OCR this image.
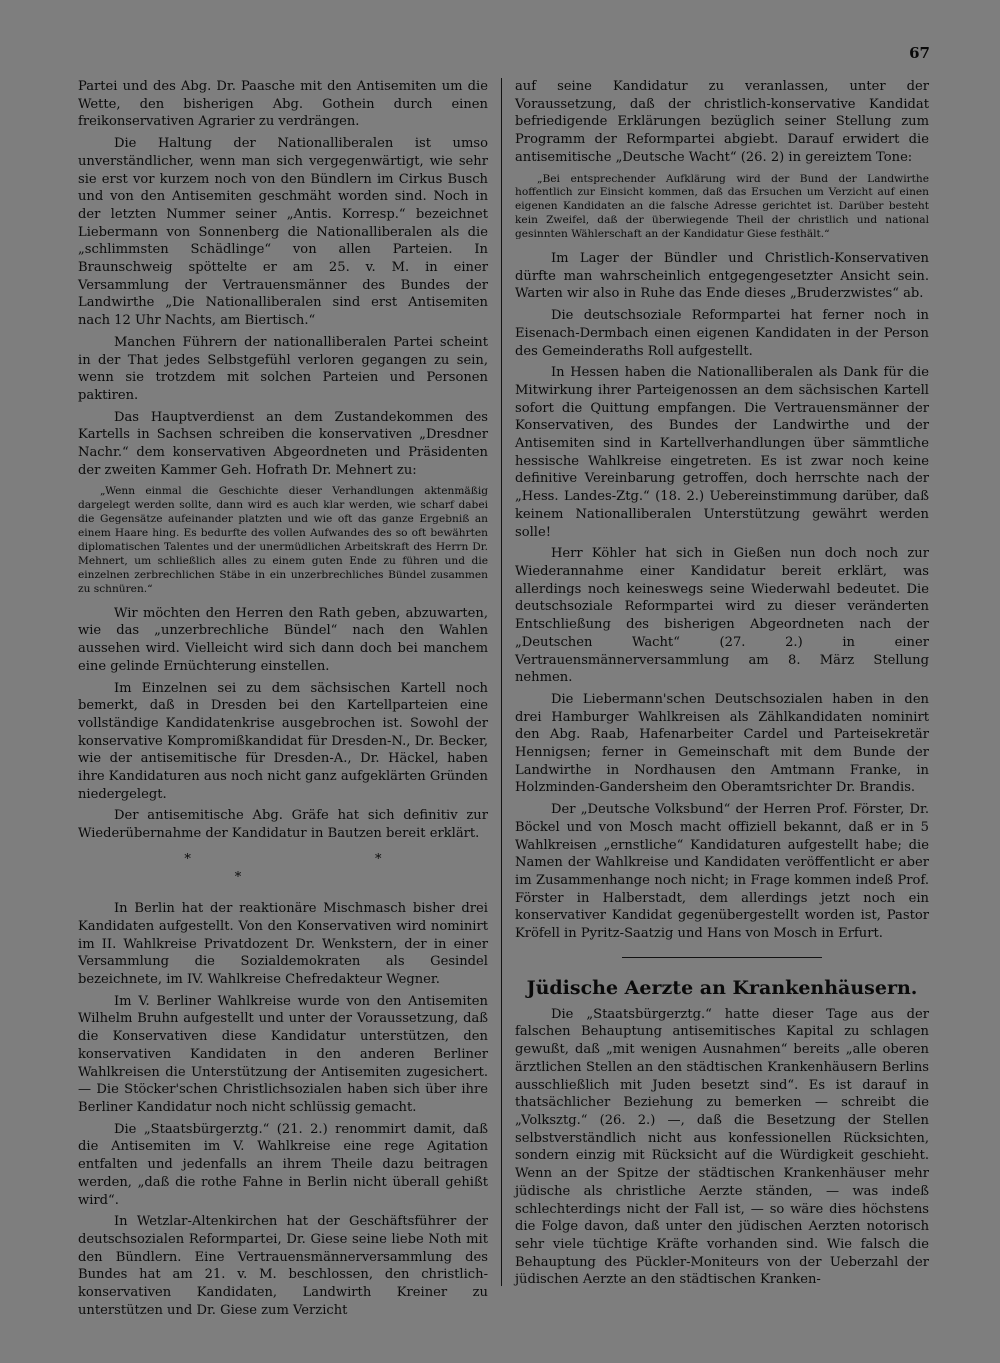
67

Partei und des Abg. Dr. Paasche mit den Antisemiten um die Wette, den bisherigen Abg. Gothein durch einen freikonservativen Agrarier zu verdrängen.

Die Haltung der Nationalliberalen ist umso unverständlicher, wenn man sich vergegenwärtigt, wie sehr sie erst vor kurzem noch von den Bündlern im Cirkus Busch und von den Antisemiten geschmäht worden sind. Noch in der letzten Nummer seiner „Antis. Korresp.“ bezeichnet Liebermann von Sonnenberg die Nationalliberalen als die „schlimmsten Schädlinge“ von allen Parteien. In Braunschweig spöttelte er am 25. v. M. in einer Versammlung der Vertrauensmänner des Bundes der Landwirthe „Die Nationalliberalen sind erst Antisemiten nach 12 Uhr Nachts, am Biertisch.“

Manchen Führern der nationalliberalen Partei scheint in der That jedes Selbstgefühl verloren gegangen zu sein, wenn sie trotzdem mit solchen Parteien und Personen paktiren.

Das Hauptverdienst an dem Zustandekommen des Kartells in Sachsen schreiben die konservativen „Dresdner Nachr.“ dem konservativen Abgeordneten und Präsidenten der zweiten Kammer Geh. Hofrath Dr. Mehnert zu:

„Wenn einmal die Geschichte dieser Verhandlungen aktenmäßig dargelegt werden sollte, dann wird es auch klar werden, wie scharf dabei die Gegensätze aufeinander platzten und wie oft das ganze Ergebniß an einem Haare hing. Es bedurfte des vollen Aufwandes des so oft bewährten diplomatischen Talentes und der unermüdlichen Arbeitskraft des Herrn Dr. Mehnert, um schließlich alles zu einem guten Ende zu führen und die einzelnen zerbrechlichen Stäbe in ein unzerbrechliches Bündel zusammen zu schnüren.“

Wir möchten den Herren den Rath geben, abzuwarten, wie das „unzerbrechliche Bündel“ nach den Wahlen aussehen wird. Vielleicht wird sich dann doch bei manchem eine gelinde Ernüchterung einstellen.

Im Einzelnen sei zu dem sächsischen Kartell noch bemerkt, daß in Dresden bei den Kartellparteien eine vollständige Kandidatenkrise ausgebrochen ist. Sowohl der konservative Kompromißkandidat für Dresden-N., Dr. Becker, wie der antisemitische für Dresden-A., Dr. Häckel, haben ihre Kandidaturen aus noch nicht ganz aufgeklärten Gründen niedergelegt.

Der antisemitische Abg. Gräfe hat sich definitiv zur Wiederübernahme der Kandidatur in Bautzen bereit erklärt.

* * *

In Berlin hat der reaktionäre Mischmasch bisher drei Kandidaten aufgestellt. Von den Konservativen wird nominirt im II. Wahlkreise Privatdozent Dr. Wenkstern, der in einer Versammlung die Sozialdemokraten als Gesindel bezeichnete, im IV. Wahlkreise Chefredakteur Wegner.

Im V. Berliner Wahlkreise wurde von den Antisemiten Wilhelm Bruhn aufgestellt und unter der Voraussetzung, daß die Konservativen diese Kandidatur unterstützen, den konservativen Kandidaten in den anderen Berliner Wahlkreisen die Unterstützung der Antisemiten zugesichert. — Die Stöcker'schen Christlichsozialen haben sich über ihre Berliner Kandidatur noch nicht schlüssig gemacht.

Die „Staatsbürgerztg.“ (21. 2.) renommirt damit, daß die Antisemiten im V. Wahlkreise eine rege Agitation entfalten und jedenfalls an ihrem Theile dazu beitragen werden, „daß die rothe Fahne in Berlin nicht überall gehißt wird“.

In Wetzlar-Altenkirchen hat der Geschäftsführer der deutschsozialen Reformpartei, Dr. Giese seine liebe Noth mit den Bündlern. Eine Vertrauensmännerversammlung des Bundes hat am 21. v. M. beschlossen, den christlich-konservativen Kandidaten, Landwirth Kreiner zu unterstützen und Dr. Giese zum Verzicht

auf seine Kandidatur zu veranlassen, unter der Voraussetzung, daß der christlich-konservative Kandidat befriedigende Erklärungen bezüglich seiner Stellung zum Programm der Reformpartei abgiebt. Darauf erwidert die antisemitische „Deutsche Wacht“ (26. 2) in gereiztem Tone:

„Bei entsprechender Aufklärung wird der Bund der Landwirthe hoffentlich zur Einsicht kommen, daß das Ersuchen um Verzicht auf einen eigenen Kandidaten an die falsche Adresse gerichtet ist. Darüber besteht kein Zweifel, daß der überwiegende Theil der christlich und national gesinnten Wählerschaft an der Kandidatur Giese festhält.“

Im Lager der Bündler und Christlich-Konservativen dürfte man wahrscheinlich entgegengesetzter Ansicht sein. Warten wir also in Ruhe das Ende dieses „Bruderzwistes“ ab.

Die deutschsoziale Reformpartei hat ferner noch in Eisenach-Dermbach einen eigenen Kandidaten in der Person des Gemeinderaths Roll aufgestellt.

In Hessen haben die Nationalliberalen als Dank für die Mitwirkung ihrer Parteigenossen an dem sächsischen Kartell sofort die Quittung empfangen. Die Vertrauensmänner der Konservativen, des Bundes der Landwirthe und der Antisemiten sind in Kartellverhandlungen über sämmtliche hessische Wahlkreise eingetreten. Es ist zwar noch keine definitive Vereinbarung getroffen, doch herrschte nach der „Hess. Landes-Ztg.“ (18. 2.) Uebereinstimmung darüber, daß keinem Nationalliberalen Unterstützung gewährt werden solle!

Herr Köhler hat sich in Gießen nun doch noch zur Wiederannahme einer Kandidatur bereit erklärt, was allerdings noch keineswegs seine Wiederwahl bedeutet. Die deutschsoziale Reformpartei wird zu dieser veränderten Entschließung des bisherigen Abgeordneten nach der „Deutschen Wacht“ (27. 2.) in einer Vertrauensmännerversammlung am 8. März Stellung nehmen.

Die Liebermann'schen Deutschsozialen haben in den drei Hamburger Wahlkreisen als Zählkandidaten nominirt den Abg. Raab, Hafenarbeiter Cardel und Parteisekretär Hennigsen; ferner in Gemeinschaft mit dem Bunde der Landwirthe in Nordhausen den Amtmann Franke, in Holzminden-Gandersheim den Oberamtsrichter Dr. Brandis.

Der „Deutsche Volksbund“ der Herren Prof. Förster, Dr. Böckel und von Mosch macht offiziell bekannt, daß er in 5 Wahlkreisen „ernstliche“ Kandidaturen aufgestellt habe; die Namen der Wahlkreise und Kandidaten veröffentlicht er aber im Zusammenhange noch nicht; in Frage kommen indeß Prof. Förster in Halberstadt, dem allerdings jetzt noch ein konservativer Kandidat gegenübergestellt worden ist, Pastor Kröfell in Pyritz-Saatzig und Hans von Mosch in Erfurt.

Jüdische Aerzte an Krankenhäusern.

Die „Staatsbürgerztg.“ hatte dieser Tage aus der falschen Behauptung antisemitisches Kapital zu schlagen gewußt, daß „mit wenigen Ausnahmen“ bereits „alle oberen ärztlichen Stellen an den städtischen Krankenhäusern Berlins ausschließlich mit Juden besetzt sind“. Es ist darauf in thatsächlicher Beziehung zu bemerken — schreibt die „Volksztg.“ (26. 2.) —, daß die Besetzung der Stellen selbstverständlich nicht aus konfessionellen Rücksichten, sondern einzig mit Rücksicht auf die Würdigkeit geschieht. Wenn an der Spitze der städtischen Krankenhäuser mehr jüdische als christliche Aerzte ständen, — was indeß schlechterdings nicht der Fall ist, — so wäre dies höchstens die Folge davon, daß unter den jüdischen Aerzten notorisch sehr viele tüchtige Kräfte vorhanden sind. Wie falsch die Behauptung des Pückler-Moniteurs von der Ueberzahl der jüdischen Aerzte an den städtischen Kranken-
